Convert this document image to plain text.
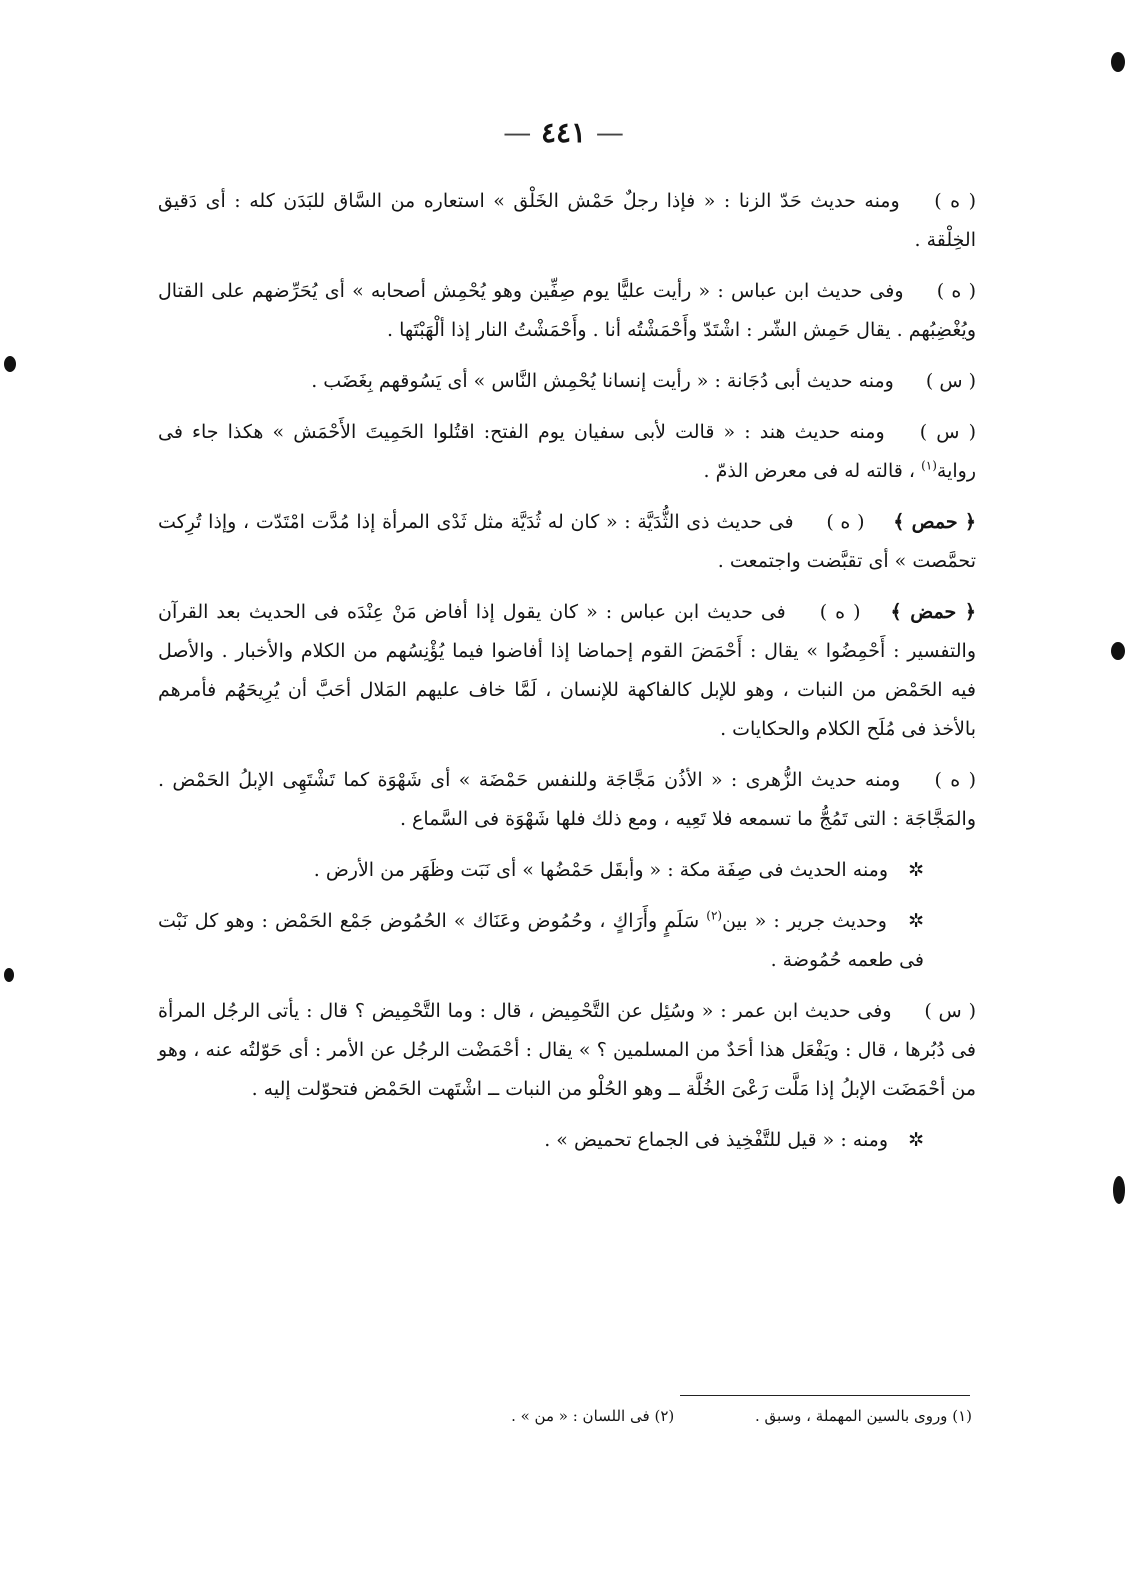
— ٤٤١ —

( ه ) ومنه حديث حَدّ الزنا : « فإذا رجلٌ حَمْش الخَلْق » استعاره من السَّاق للبَدَن كله : أى دَقيق الخِلْقة .

( ه ) وفى حديث ابن عباس : « رأيت عليًّا يوم صِفِّين وهو يُحْمِش أصحابه » أى يُحَرِّضهم على القتال ويُغْضِبُهم . يقال حَمِش الشّر : اشْتَدّ وأَحْمَشْتُه أنا . وأَحْمَشْتُ النار إذا ألْهَبْتَها .

( س ) ومنه حديث أبى دُجَانة : « رأيت إنسانا يُحْمِش النَّاس » أى يَسُوقهم بِغَضَب .

( س ) ومنه حديث هند : « قالت لأبى سفيان يوم الفتح: اقتُلوا الحَمِيتَ الأَحْمَش » هكذا جاء فى رواية$^{(١)}$ ، قالته له فى معرض الذمّ .

﴿ حمص ﴾ ( ه ) فى حديث ذى الثُّدَيَّة : « كان له ثُدَيَّة مثل ثَدْى المرأة إذا مُدَّت امْتَدّت ، وإذا تُرِكت تحمَّصت » أى تقبَّضت واجتمعت .

﴿ حمض ﴾ ( ه ) فى حديث ابن عباس : « كان يقول إذا أفاض مَنْ عِنْدَه فى الحديث بعد القرآن والتفسير : أَحْمِضُوا » يقال : أَحْمَضَ القوم إحماضا إذا أفاضوا فيما يُؤْنِسُهم من الكلام والأخبار . والأصل فيه الحَمْض من النبات ، وهو للإبل كالفاكهة للإنسان ، لَمَّا خاف عليهم المَلال أحَبَّ أن يُرِيحَهُم فأمرهم بالأخذ فى مُلَح الكلام والحكايات .

( ه ) ومنه حديث الزُّهرى : « الأذُن مَجَّاجَة وللنفس حَمْضَة » أى شَهْوَة كما تَشْتَهِى الإبلُ الحَمْض . والمَجَّاجَة : التى تَمُجُّ ما تسمعه فلا تَعِيه ، ومع ذلك فلها شَهْوَة فى السَّماع .

✲ ومنه الحديث فى صِفَة مكة : « وأبقَل حَمْضُها » أى نَبَت وظَهَر من الأرض .

✲ وحديث جرير : « بين$^{(٢)}$ سَلَمٍ وأَرَاكٍ ، وحُمُوض وعَنَاك » الحُمُوض جَمْع الحَمْض : وهو كل نَبْت فى طعمه حُمُوضة .

( س ) وفى حديث ابن عمر : « وسُئِل عن التَّحْمِيض ، قال : وما التَّحْمِيض ؟ قال : يأتى الرجُل المرأة فى دُبُرها ، قال : ويَفْعَل هذا أحَدٌ من المسلمين ؟ » يقال : أحْمَضْت الرجُل عن الأمر : أى حَوّلتُه عنه ، وهو من أحْمَضَت الإبلُ إذا مَلَّت رَعْىَ الخُلَّة ــ وهو الحُلْو من النبات ــ اشْتَهت الحَمْض فتحوّلت إليه .

✲ ومنه : « قيل للتَّفْخِيذ فى الجماع تحميض » .

(١) وروى بالسين المهملة ، وسبق . (٢) فى اللسان : « من » .
